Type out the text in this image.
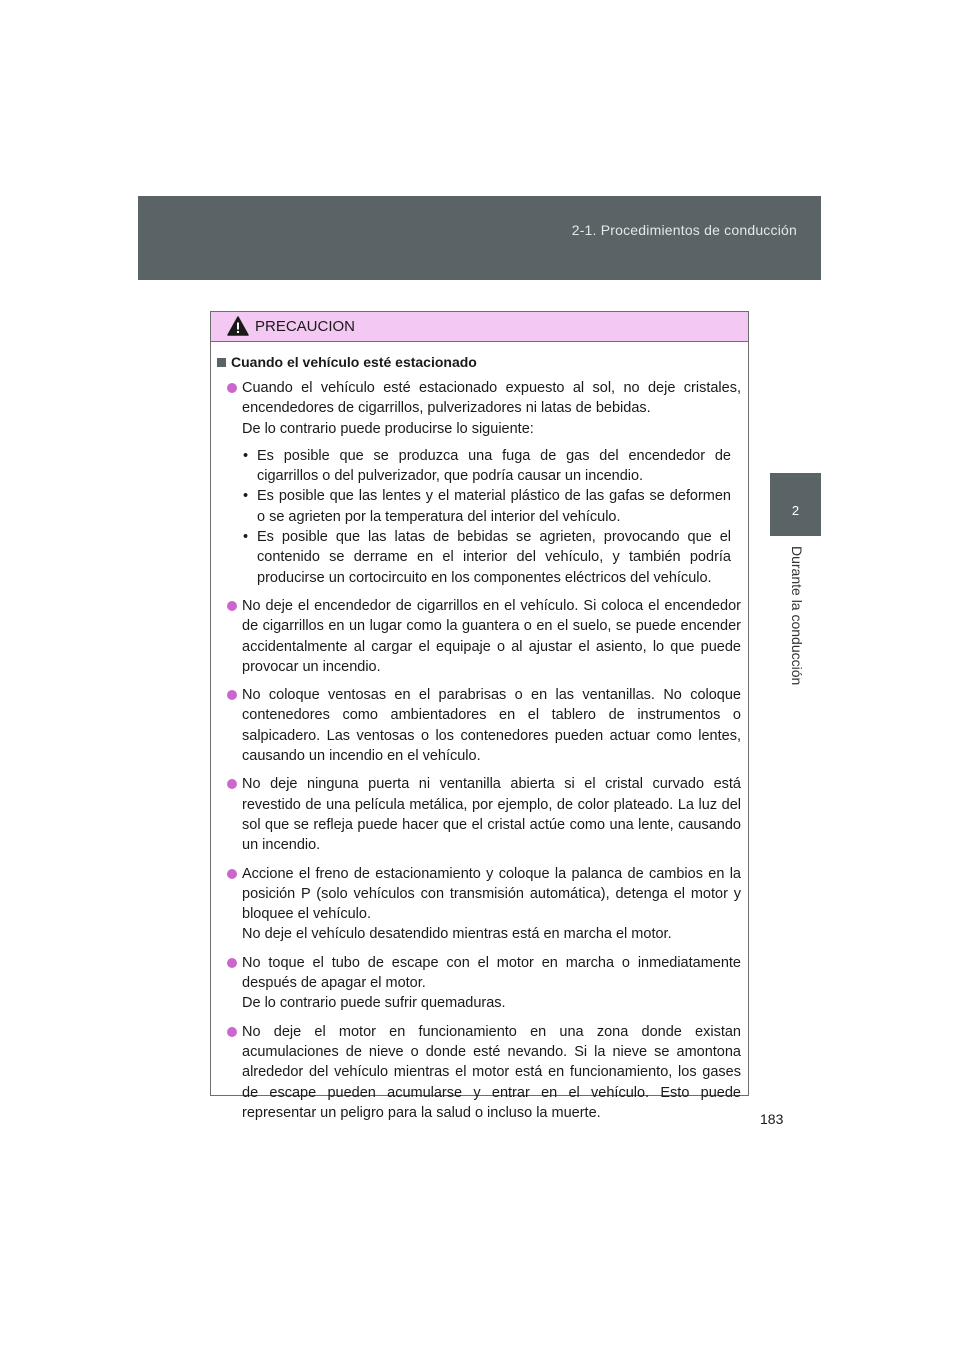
2-1. Procedimientos de conducción
2
Durante la conducción
PRECAUCION
Cuando el vehículo esté estacionado
Cuando el vehículo esté estacionado expuesto al sol, no deje cristales, encendedores de cigarrillos, pulverizadores ni latas de bebidas.
De lo contrario puede producirse lo siguiente:
• Es posible que se produzca una fuga de gas del encendedor de cigarrillos o del pulverizador, que podría causar un incendio.
• Es posible que las lentes y el material plástico de las gafas se deformen o se agrieten por la temperatura del interior del vehículo.
• Es posible que las latas de bebidas se agrieten, provocando que el contenido se derrame en el interior del vehículo, y también podría producirse un cortocircuito en los componentes eléctricos del vehículo.
No deje el encendedor de cigarrillos en el vehículo. Si coloca el encendedor de cigarrillos en un lugar como la guantera o en el suelo, se puede encender accidentalmente al cargar el equipaje o al ajustar el asiento, lo que puede provocar un incendio.
No coloque ventosas en el parabrisas o en las ventanillas. No coloque contenedores como ambientadores en el tablero de instrumentos o salpicadero. Las ventosas o los contenedores pueden actuar como lentes, causando un incendio en el vehículo.
No deje ninguna puerta ni ventanilla abierta si el cristal curvado está revestido de una película metálica, por ejemplo, de color plateado. La luz del sol que se refleja puede hacer que el cristal actúe como una lente, causando un incendio.
Accione el freno de estacionamiento y coloque la palanca de cambios en la posición P (solo vehículos con transmisión automática), detenga el motor y bloquee el vehículo.
No deje el vehículo desatendido mientras está en marcha el motor.
No toque el tubo de escape con el motor en marcha o inmediatamente después de apagar el motor.
De lo contrario puede sufrir quemaduras.
No deje el motor en funcionamiento en una zona donde existan acumulaciones de nieve o donde esté nevando. Si la nieve se amontona alrededor del vehículo mientras el motor está en funcionamiento, los gases de escape pueden acumularse y entrar en el vehículo. Esto puede representar un peligro para la salud o incluso la muerte.	183
